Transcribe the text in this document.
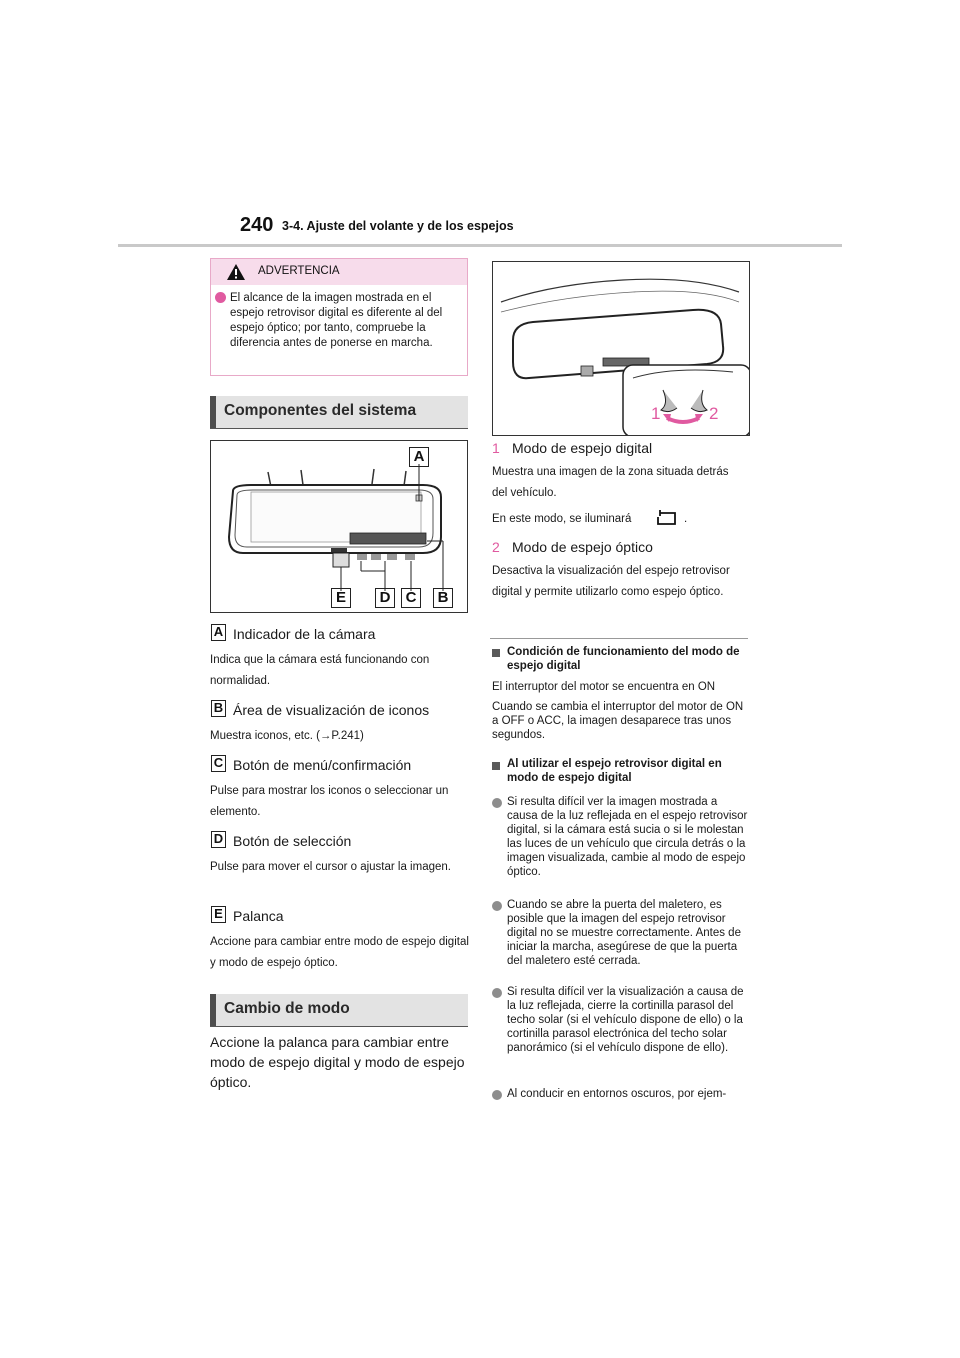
240 3-4. Ajuste del volante y de los espejos
ADVERTENCIA
El alcance de la imagen mostrada en el espejo retrovisor digital es diferente al del espejo óptico; por tanto, compruebe la diferencia antes de ponerse en marcha.
Componentes del sistema
A
E	D	C	B
A Indicador de la cámara
Indica que la cámara está funcionando con normalidad.
B Área de visualización de iconos
Muestra iconos, etc. (→P.241)
C Botón de menú/confirmación
Pulse para mostrar los iconos o seleccionar un elemento.
D Botón de selección
Pulse para mover el cursor o ajustar la imagen.
E Palanca
Accione para cambiar entre modo de espejo digital y modo de espejo óptico.
Cambio de modo
Accione la palanca para cambiar entre modo de espejo digital y modo de espejo óptico.
1	2
1 Modo de espejo digital
Muestra una imagen de la zona situada detrás del vehículo.
En este modo, se iluminará	.
2 Modo de espejo óptico
Desactiva la visualización del espejo retrovisor digital y permite utilizarlo como espejo óptico.
Condición de funcionamiento del modo de espejo digital
El interruptor del motor se encuentra en ON
Cuando se cambia el interruptor del motor de ON a OFF o ACC, la imagen desaparece tras unos segundos.
Al utilizar el espejo retrovisor digital en modo de espejo digital
Si resulta difícil ver la imagen mostrada a causa de la luz reflejada en el espejo retrovisor digital, si la cámara está sucia o si le molestan las luces de un vehículo que circula detrás o la imagen visualizada, cambie al modo de espejo óptico.
Cuando se abre la puerta del maletero, es posible que la imagen del espejo retrovisor digital no se muestre correctamente. Antes de iniciar la marcha, asegúrese de que la puerta del maletero esté cerrada.
Si resulta difícil ver la visualización a causa de la luz reflejada, cierre la cortinilla parasol del techo solar (si el vehículo dispone de ello) o la cortinilla parasol electrónica del techo solar panorámico (si el vehículo dispone de ello).
Al conducir en entornos oscuros, por ejem-
